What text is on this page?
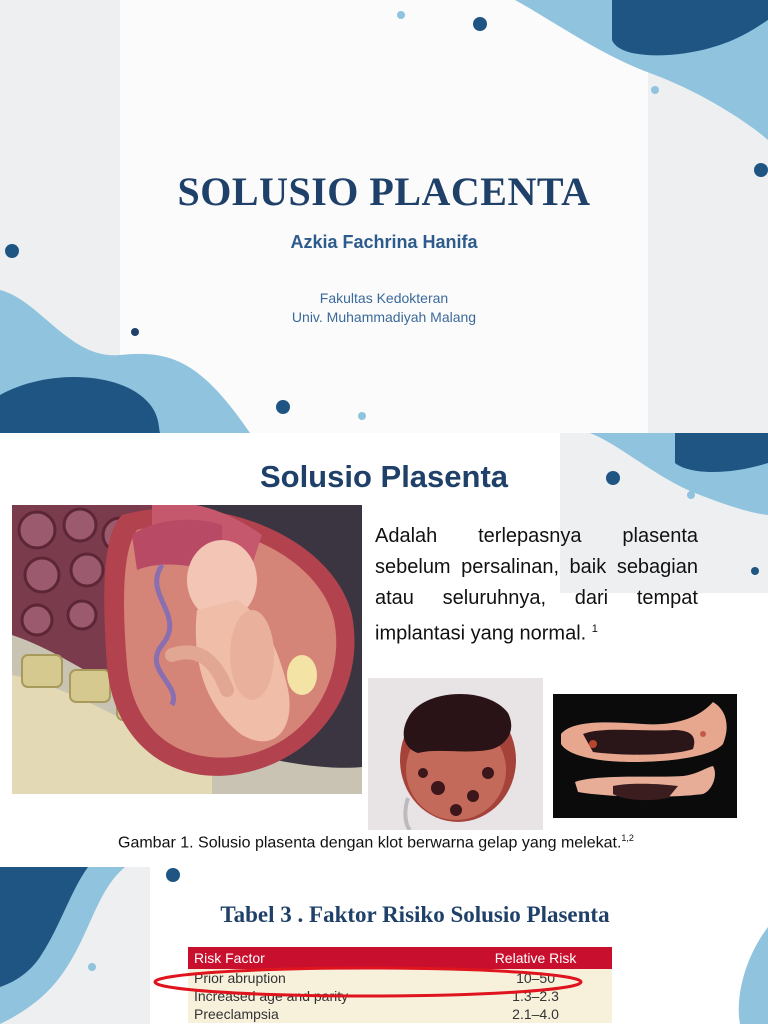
SOLUSIO PLACENTA

Azkia Fachrina Hanifa

Fakultas Kedokteran
Univ. Muhammadiyah Malang
Solusio Plasenta

Adalah terlepasnya plasenta sebelum persalinan, baik sebagian atau seluruhnya, dari tempat implantasi yang normal. $^1$

Gambar 1. Solusio plasenta dengan klot berwarna gelap yang melekat.$^{1,2}$
Tabel 3 . Faktor Risiko Solusio Plasenta
Risk Factor	Relative Risk
Prior abruption	10–50
Increased age and parity	1.3–2.3
Preeclampsia	2.1–4.0
